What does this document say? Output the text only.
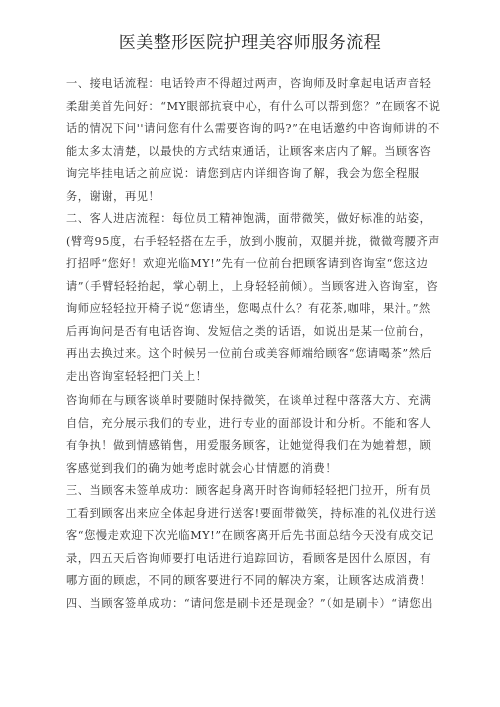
医美整形医院护理美容师服务流程

一、接电话流程：电话铃声不得超过两声，咨询师及时拿起电话声音轻柔甜美首先问好：“MY眼部抗衰中心，有什么可以帮到您？”在顾客不说话的情况下问''请问您有什么需要咨询的吗?”在电话邀约中咨询师讲的不能太多太清楚，以最快的方式结束通话，让顾客来店内了解。当顾客咨询完毕挂电话之前应说：请您到店内详细咨询了解，我会为您全程服务，谢谢，再见！

二、客人进店流程：每位员工精神饱满，面带微笑，做好标准的站姿，(臂弯95度，右手轻轻搭在左手，放到小腹前，双腿并拢，微微弯腰齐声打招呼“您好！欢迎光临MY!”先有一位前台把顾客请到咨询室“您这边请”（手臂轻轻抬起，掌心朝上，上身轻轻前倾）。当顾客进入咨询室，咨询师应轻轻拉开椅子说“您请坐，您喝点什么？有花茶,咖啡，果汁。”然后再询问是否有电话咨询、发短信之类的话语，如说出是某一位前台，再出去换过来。这个时候另一位前台或美容师端给顾客“您请喝茶”然后走出咨询室轻轻把门关上！

咨询师在与顾客谈单时要随时保持微笑，在谈单过程中落落大方、充满自信，充分展示我们的专业，进行专业的面部设计和分析。不能和客人有争执！做到情感销售，用爱服务顾客，让她觉得我们在为她着想，顾客感觉到我们的确为她考虑时就会心甘情愿的消费！

三、当顾客未签单成功：顾客起身离开时咨询师轻轻把门拉开，所有员工看到顾客出来应全体起身进行送客!要面带微笑，持标准的礼仪进行送客“您慢走欢迎下次光临MY!”在顾客离开后先书面总结今天没有成交记录，四五天后咨询师要打电话进行追踪回访，看顾客是因什么原因，有哪方面的顾虑，不同的顾客要进行不同的解决方案，让顾客达成消费！

四、当顾客签单成功：“请问您是刷卡还是现金？”（如是刷卡）“请您出
